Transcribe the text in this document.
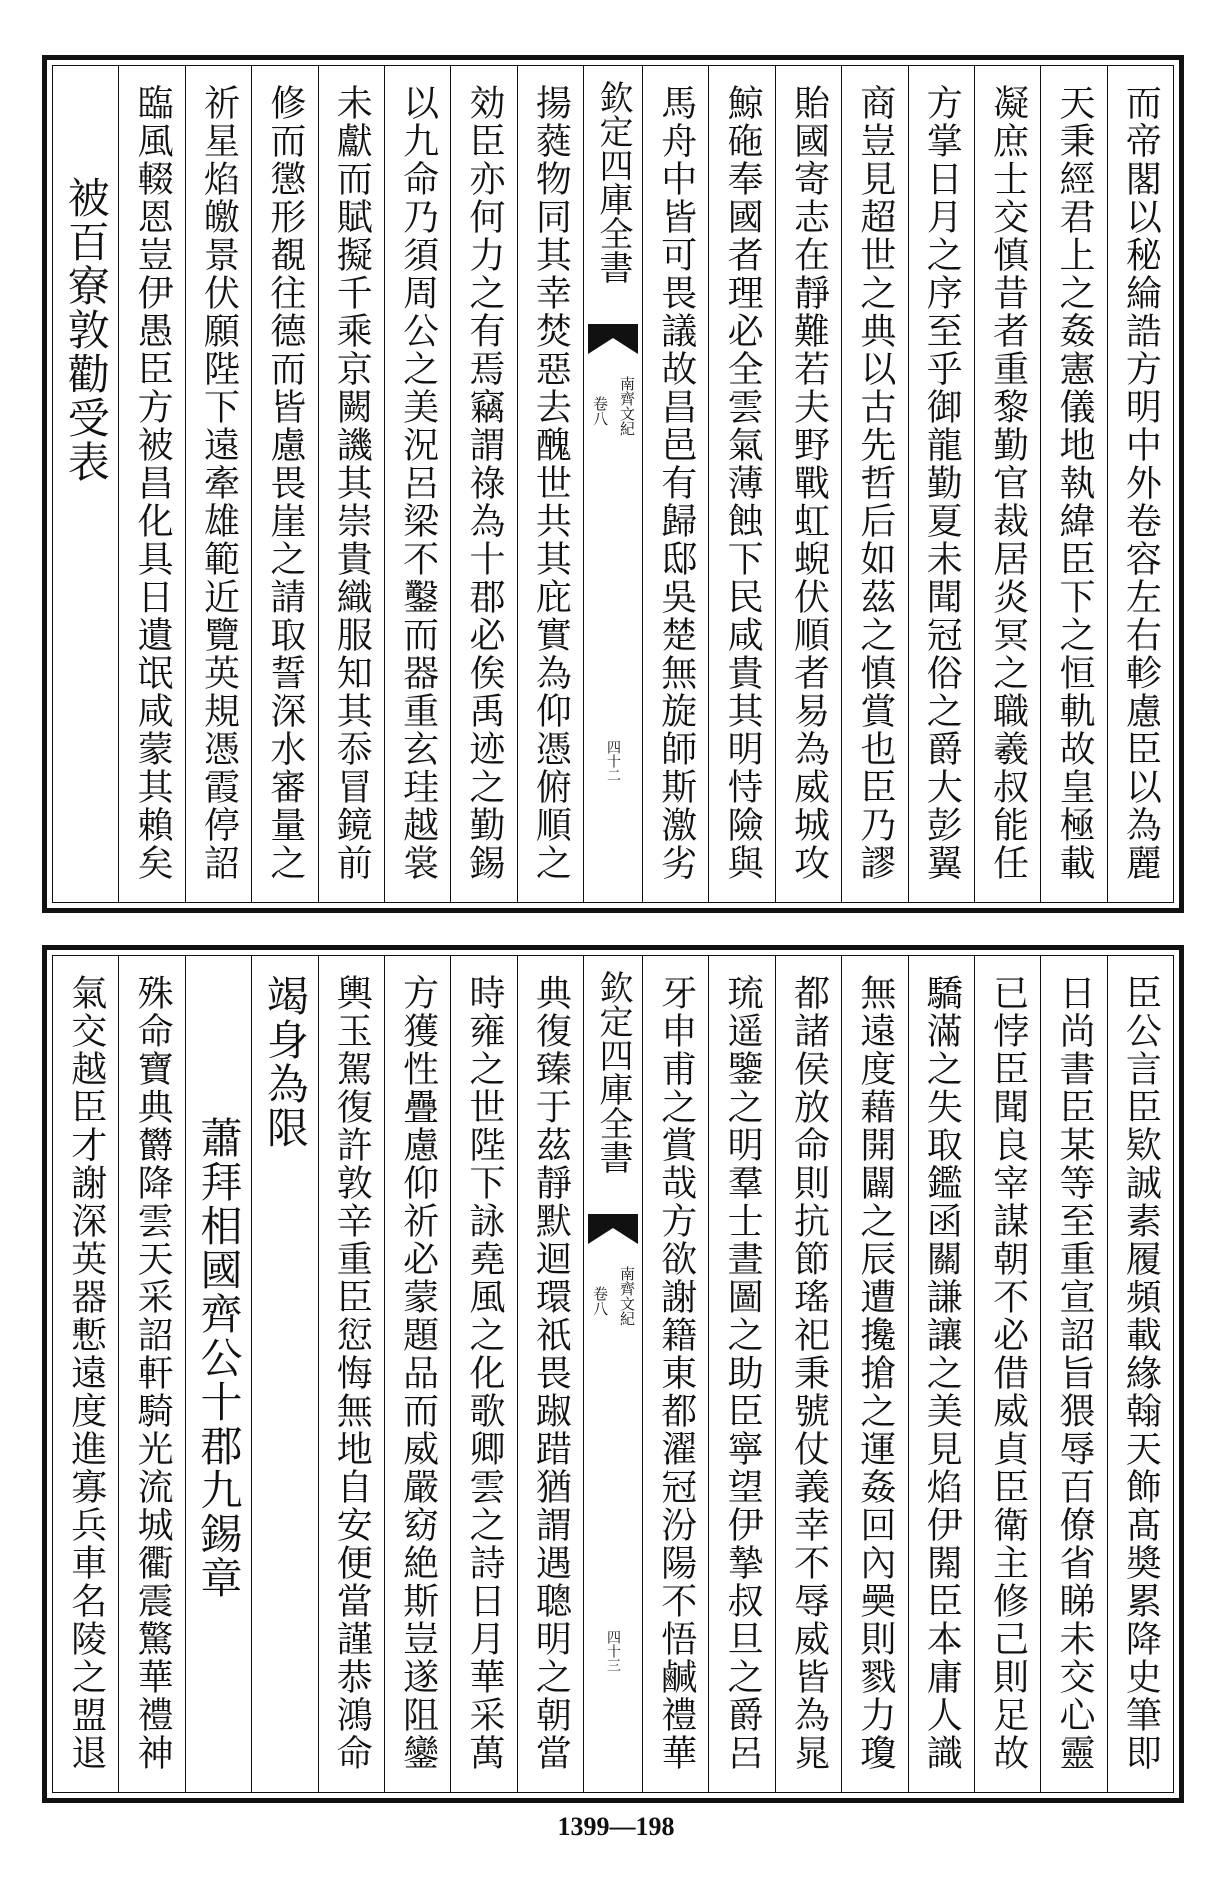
而帝閣以秘綸誥方明中外卷容左右軫慮臣以為麗
天秉經君上之姦憲儀地執緯臣下之恒軌故皇極載
凝庶士交慎昔者重黎勤官裁居炎冥之職羲叔能任
方掌日月之序至乎御龍勤夏未聞冠俗之爵大彭翼
商豈見超世之典以古先哲后如茲之慎賞也臣乃謬
貽國寄志在靜難若夫野戰虹蜺伏順者易為威城攻
鯨砤奉國者理必全雲氣薄蝕下民咸貴其明恃險與
馬舟中皆可畏議故昌邑有歸邸吳楚無旋師斯激劣
欽定四庫全書
南齊文紀
卷八
四十二
揚蕤物同其幸焚惡去醜世共其庇實為仰憑俯順之
効臣亦何力之有焉竊謂祿為十郡必俟禹迹之勤錫
以九命乃須周公之美況呂梁不鑿而器重玄珪越裳
未獻而賦擬千乘京闕譏其崇貴織服知其忝冒鏡前
修而懲形覩往德而皆慮畏崖之請取誓深水審量之
祈星焰皦景伏願陛下遠牽雄範近覽英規憑霞停詔
臨風輟恩豈伊愚臣方被昌化具日遺氓咸蒙其賴矣
被百寮敦勸受表
臣公言臣欵誠素履頻載緣翰天飾髙奬累降史筆即
日尚書臣某等至重宣詔旨猥辱百僚省睇未交心靈
已悖臣聞良宰謀朝不必借威貞臣衛主修己則足故
驕滿之失取鑑函關謙讓之美見焰伊閞臣本庸人識
無遠度藉開闢之辰遭攙搶之運姦回內奰則戮力瓊
都諸侯放命則抗節瑤祀秉號仗義幸不辱威皆為晁
琉遥鑒之明羣士晝圖之助臣寧望伊摯叔旦之爵呂
牙申甫之賞哉方欲謝籍東都濯冠汾陽不悟鹹禮華
欽定四庫全書
南齊文紀
卷八
四十三
典復臻于茲靜默迴環祇畏踧踖猶謂遇聰明之朝當
時雍之世陛下詠堯風之化歌卿雲之詩日月華采萬
方獲性疊慮仰祈必蒙題品而威嚴窈絶斯豈遂阻鑾
輿玉駕復許敦辛重臣愆悔無地自安便當謹恭鴻命
竭身為限
蕭拜相國齊公十郡九錫章
殊命寶典欝降雲天采詔軒騎光流城衢震驚華禮神
氣交越臣才謝深英器慙遠度進寡兵車名陵之盟退
1399—198
